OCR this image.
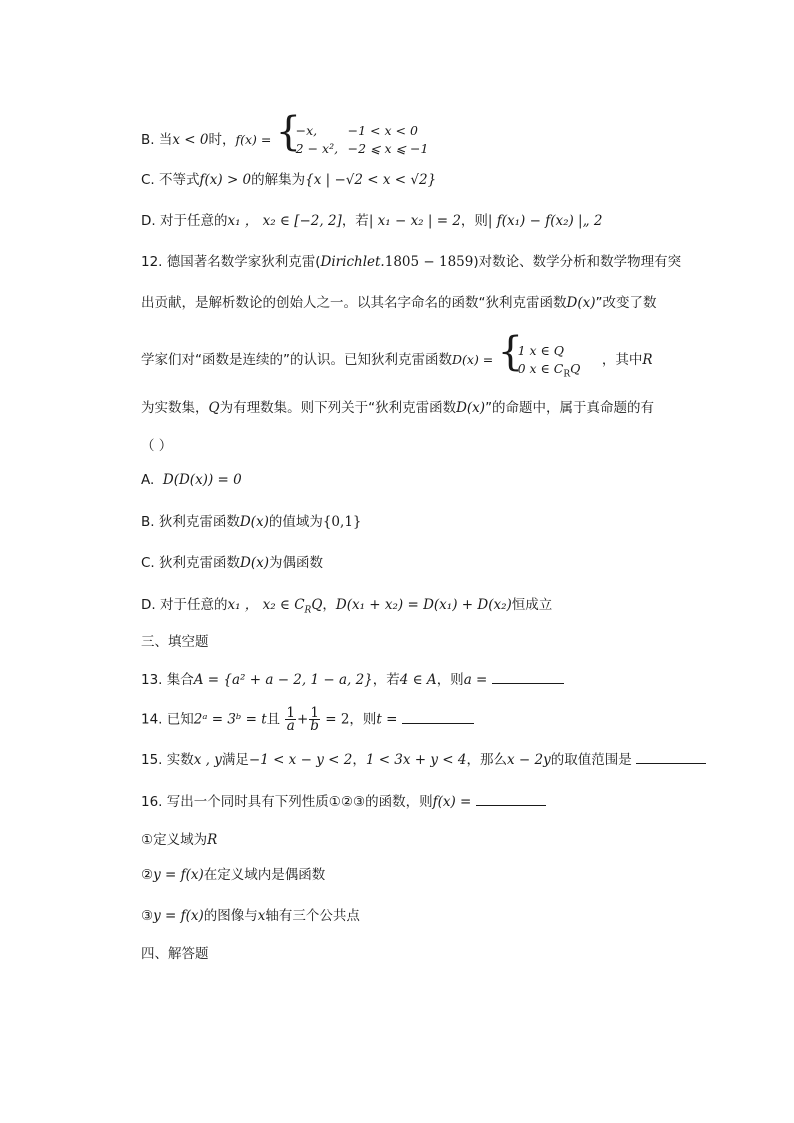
B. 当x < 0时，f(x) = {
−x, −1 < x < 0
2 − x², −2 ⩽ x ⩽ −1
C. 不等式f(x) > 0的解集为{x | −√2 < x < √2}
D. 对于任意的x₁ ， x₂ ∈ [−2, 2]，若| x₁ − x₂ | = 2，则| f(x₁) − f(x₂) |„ 2
12. 德国著名数学家狄利克雷(Dirichlet.1805 − 1859)对数论、数学分析和数学物理有突
出贡献，是解析数论的创始人之一。以其名字命名的函数“狄利克雷函数D(x)”改变了数
学家们对“函数是连续的”的认识。已知狄利克雷函数D(x) = {
1 x ∈ Q
0 x ∈ $C_RQ$
，其中R
为实数集，Q为有理数集。则下列关于“狄利克雷函数D(x)”的命题中，属于真命题的有
（ ）
A. D(D(x)) = 0
B. 狄利克雷函数D(x)的值域为{0,1}
C. 狄利克雷函数D(x)为偶函数
D. 对于任意的x₁ ， x₂ ∈ $C_RQ$，D(x₁ + x₂) = D(x₁) + D(x₂)恒成立
三、填空题
13. 集合A = {a² + a − 2, 1 − a, 2}，若4 ∈ A，则a =
14. 已知2ᵃ = 3ᵇ = t且 $\frac{1}{a} + \frac{1}{b} = 2$，则t =
15. 实数x , y满足−1 < x − y < 2，1 < 3x + y < 4，那么x − 2y的取值范围是
16. 写出一个同时具有下列性质①②③的函数，则f(x) =
①定义域为R
②y = f(x)在定义域内是偶函数
③y = f(x)的图像与x轴有三个公共点
四、解答题
